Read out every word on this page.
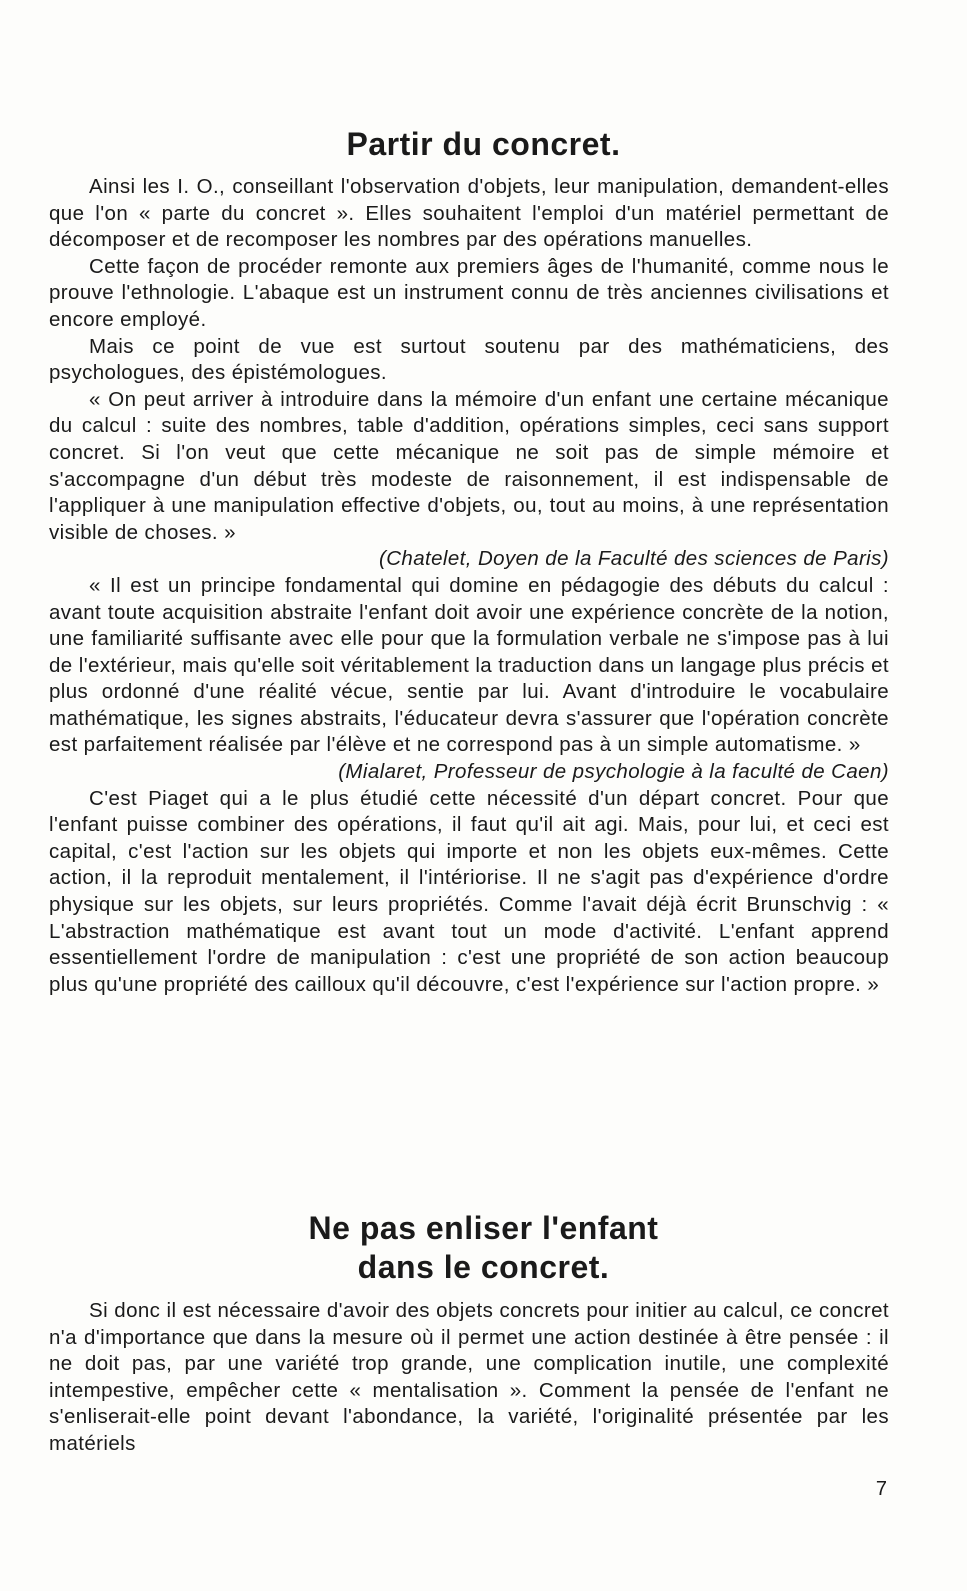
Partir du concret.

Ainsi les I. O., conseillant l'observation d'objets, leur manipulation, demandent-elles que l'on « parte du concret ». Elles souhaitent l'emploi d'un matériel permettant de décomposer et de recomposer les nombres par des opérations manuelles.

Cette façon de procéder remonte aux premiers âges de l'humanité, comme nous le prouve l'ethnologie. L'abaque est un instrument connu de très anciennes civilisations et encore employé.

Mais ce point de vue est surtout soutenu par des mathématiciens, des psychologues, des épistémologues.

« On peut arriver à introduire dans la mémoire d'un enfant une certaine mécanique du calcul : suite des nombres, table d'addition, opérations simples, ceci sans support concret. Si l'on veut que cette mécanique ne soit pas de simple mémoire et s'accompagne d'un début très modeste de raisonnement, il est indispensable de l'appliquer à une manipulation effective d'objets, ou, tout au moins, à une représentation visible de choses. »

(Chatelet, Doyen de la Faculté des sciences de Paris)

« Il est un principe fondamental qui domine en pédagogie des débuts du calcul : avant toute acquisition abstraite l'enfant doit avoir une expérience concrète de la notion, une familiarité suffisante avec elle pour que la formulation verbale ne s'impose pas à lui de l'extérieur, mais qu'elle soit véritablement la traduction dans un langage plus précis et plus ordonné d'une réalité vécue, sentie par lui. Avant d'introduire le vocabulaire mathématique, les signes abstraits, l'éducateur devra s'assurer que l'opération concrète est parfaitement réalisée par l'élève et ne correspond pas à un simple automatisme. »

(Mialaret, Professeur de psychologie à la faculté de Caen)

C'est Piaget qui a le plus étudié cette nécessité d'un départ concret. Pour que l'enfant puisse combiner des opérations, il faut qu'il ait agi. Mais, pour lui, et ceci est capital, c'est l'action sur les objets qui importe et non les objets eux-mêmes. Cette action, il la reproduit mentalement, il l'intériorise. Il ne s'agit pas d'expérience d'ordre physique sur les objets, sur leurs propriétés. Comme l'avait déjà écrit Brunschvig : « L'abstraction mathématique est avant tout un mode d'activité. L'enfant apprend essentiellement l'ordre de manipulation : c'est une propriété de son action beaucoup plus qu'une propriété des cailloux qu'il découvre, c'est l'expérience sur l'action propre. »

Ne pas enliser l'enfant
dans le concret.

Si donc il est nécessaire d'avoir des objets concrets pour initier au calcul, ce concret n'a d'importance que dans la mesure où il permet une action destinée à être pensée : il ne doit pas, par une variété trop grande, une complication inutile, une complexité intempestive, empêcher cette « mentalisation ». Comment la pensée de l'enfant ne s'enliserait-elle point devant l'abondance, la variété, l'originalité présentée par les matériels

7
